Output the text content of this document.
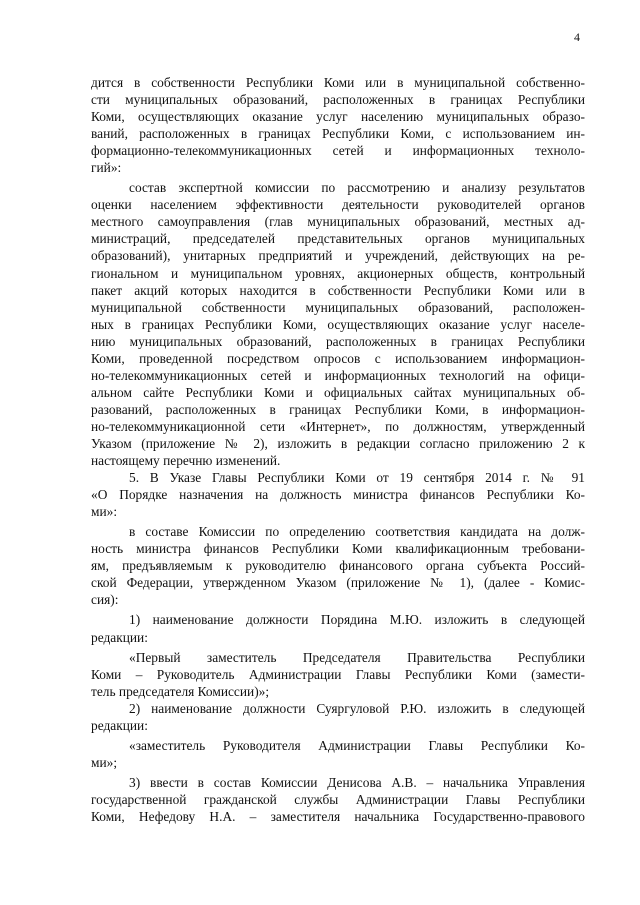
4

дится в собственности Республики Коми или в муниципальной собственно-

сти муниципальных образований, расположенных в границах Республики

Коми, осуществляющих оказание услуг населению муниципальных образо-

ваний, расположенных в границах Республики Коми, с использованием ин-

формационно-телекоммуникационных сетей и информационных техноло-

гий»:

состав экспертной комиссии по рассмотрению и анализу результатов

оценки населением эффективности деятельности руководителей органов

местного самоуправления (глав муниципальных образований, местных ад-

министраций, председателей представительных органов муниципальных

образований), унитарных предприятий и учреждений, действующих на ре-

гиональном и муниципальном уровнях, акционерных обществ, контрольный

пакет акций которых находится в собственности Республики Коми или в

муниципальной собственности муниципальных образований, расположен-

ных в границах Республики Коми, осуществляющих оказание услуг населе-

нию муниципальных образований, расположенных в границах Республики

Коми, проведенной посредством опросов с использованием информацион-

но-телекоммуникационных сетей и информационных технологий на офици-

альном сайте Республики Коми и официальных сайтах муниципальных об-

разований, расположенных в границах Республики Коми, в информацион-

но-телекоммуникационной сети «Интернет», по должностям, утвержденный

Указом (приложение № 2), изложить в редакции согласно приложению 2 к

настоящему перечню изменений.

5. В Указе Главы Республики Коми от 19 сентября 2014 г. № 91

«О Порядке назначения на должность министра финансов Республики Ко-

ми»:

в составе Комиссии по определению соответствия кандидата на долж-

ность министра финансов Республики Коми квалификационным требовани-

ям, предъявляемым к руководителю финансового органа субъекта Россий-

ской Федерации, утвержденном Указом (приложение № 1), (далее - Комис-

сия):

1) наименование должности Порядина М.Ю. изложить в следующей

редакции:

«Первый заместитель Председателя Правительства Республики

Коми – Руководитель Администрации Главы Республики Коми (замести-

тель председателя Комиссии)»;

2) наименование должности Суяргуловой Р.Ю. изложить в следующей

редакции:

«заместитель Руководителя Администрации Главы Республики Ко-

ми»;

3) ввести в состав Комиссии Денисова А.В. – начальника Управления

государственной гражданской службы Администрации Главы Республики

Коми, Нефедову Н.А. – заместителя начальника Государственно-правового
